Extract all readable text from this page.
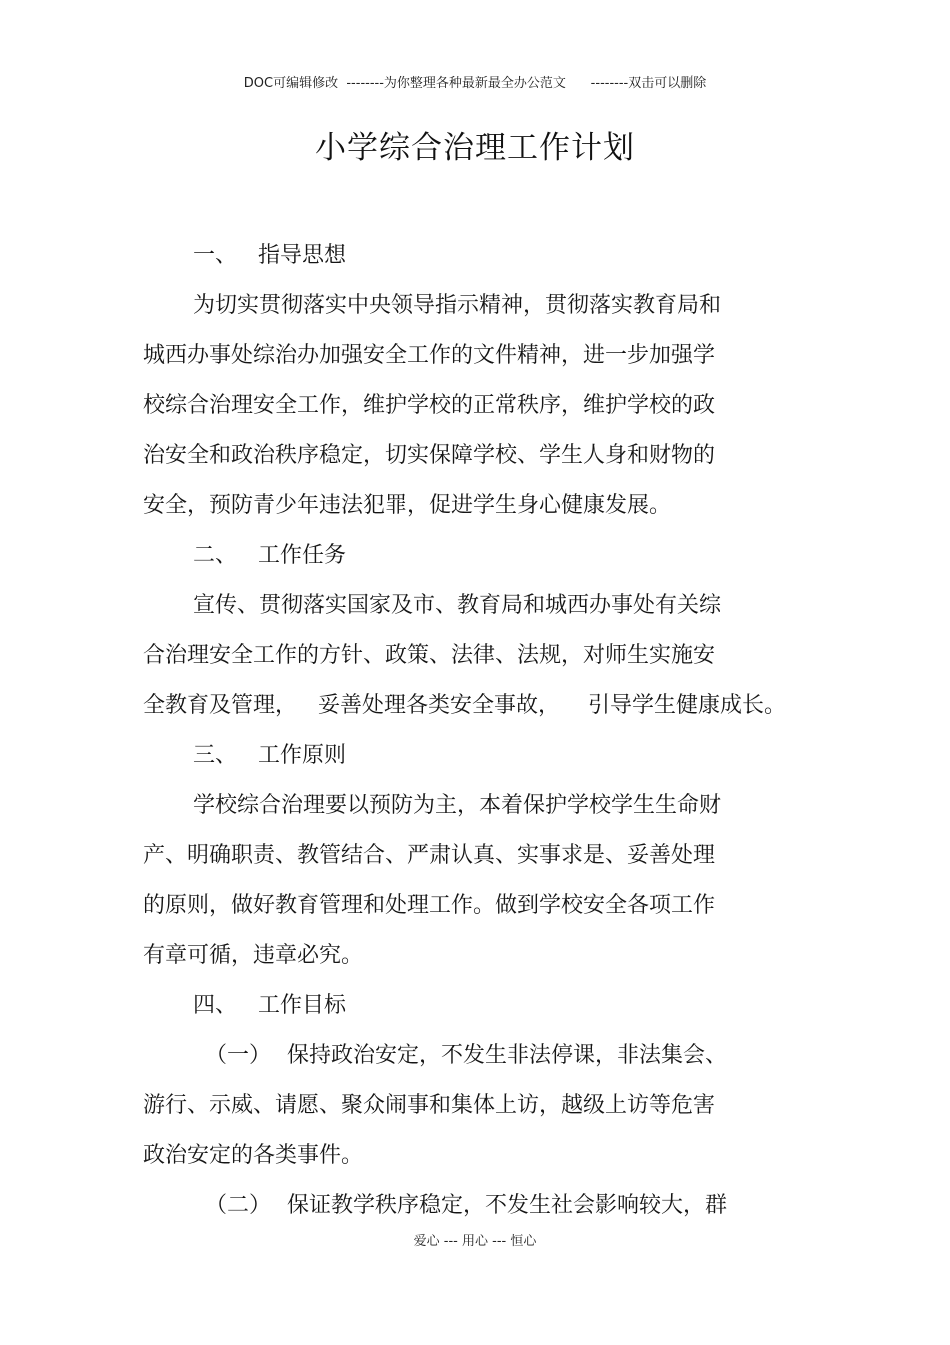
DOC可编辑修改  --------为你整理各种最新最全办公范文      --------双击可以删除
小学综合治理工作计划
一、 指导思想
为切实贯彻落实中央领导指示精神，贯彻落实教育局和
城西办事处综治办加强安全工作的文件精神，进一步加强学
校综合治理安全工作，维护学校的正常秩序，维护学校的政
治安全和政治秩序稳定，切实保障学校、学生人身和财物的
安全，预防青少年违法犯罪，促进学生身心健康发展。
二、 工作任务
宣传、贯彻落实国家及市、教育局和城西办事处有关综
合治理安全工作的方针、政策、法律、法规，对师生实施安
全教育及管理，   妥善处理各类安全事故，    引导学生健康成长。
三、 工作原则
学校综合治理要以预防为主，本着保护学校学生生命财
产、明确职责、教管结合、严肃认真、实事求是、妥善处理
的原则，做好教育管理和处理工作。做到学校安全各项工作
有章可循，违章必究。
四、 工作目标
（一） 保持政治安定，不发生非法停课，非法集会、
游行、示威、请愿、聚众闹事和集体上访，越级上访等危害
政治安定的各类事件。
（二） 保证教学秩序稳定，不发生社会影响较大，群
爱心 --- 用心 --- 恒心
